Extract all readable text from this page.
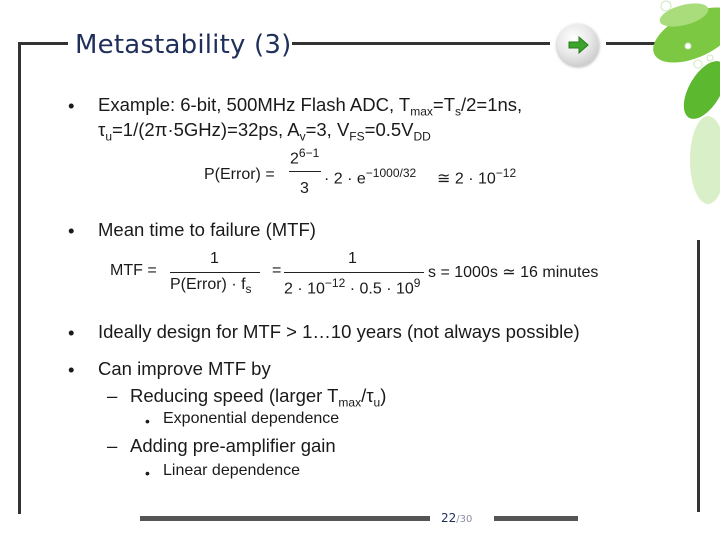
Metastability (3)
• Example: 6-bit, 500MHz Flash ADC, $T_{max}=T_s/2=1ns$,
$\tau_u=1/(2\pi\cdot 5GHz)=32ps$, $A_v=3$, $V_{FS}=0.5V_{DD}$
P(Error) =
$2^{6-1}$
3
· $2 \cdot e^{-1000/32}$ ≅ $2 \cdot 10^{-12}$
• Mean time to failure (MTF)
MTF =
1
P(Error) · $f_s$
=
1
$2 \cdot 10^{-12} \cdot 0.5 \cdot 10^9$
s = 1000s ≃ 16 minutes
• Ideally design for MTF > 1…10 years (not always possible)
• Can improve MTF by
– Reducing speed (larger $T_{max}/\tau_u$)
• Exponential dependence
– Adding pre-amplifier gain
• Linear dependence
22/30
